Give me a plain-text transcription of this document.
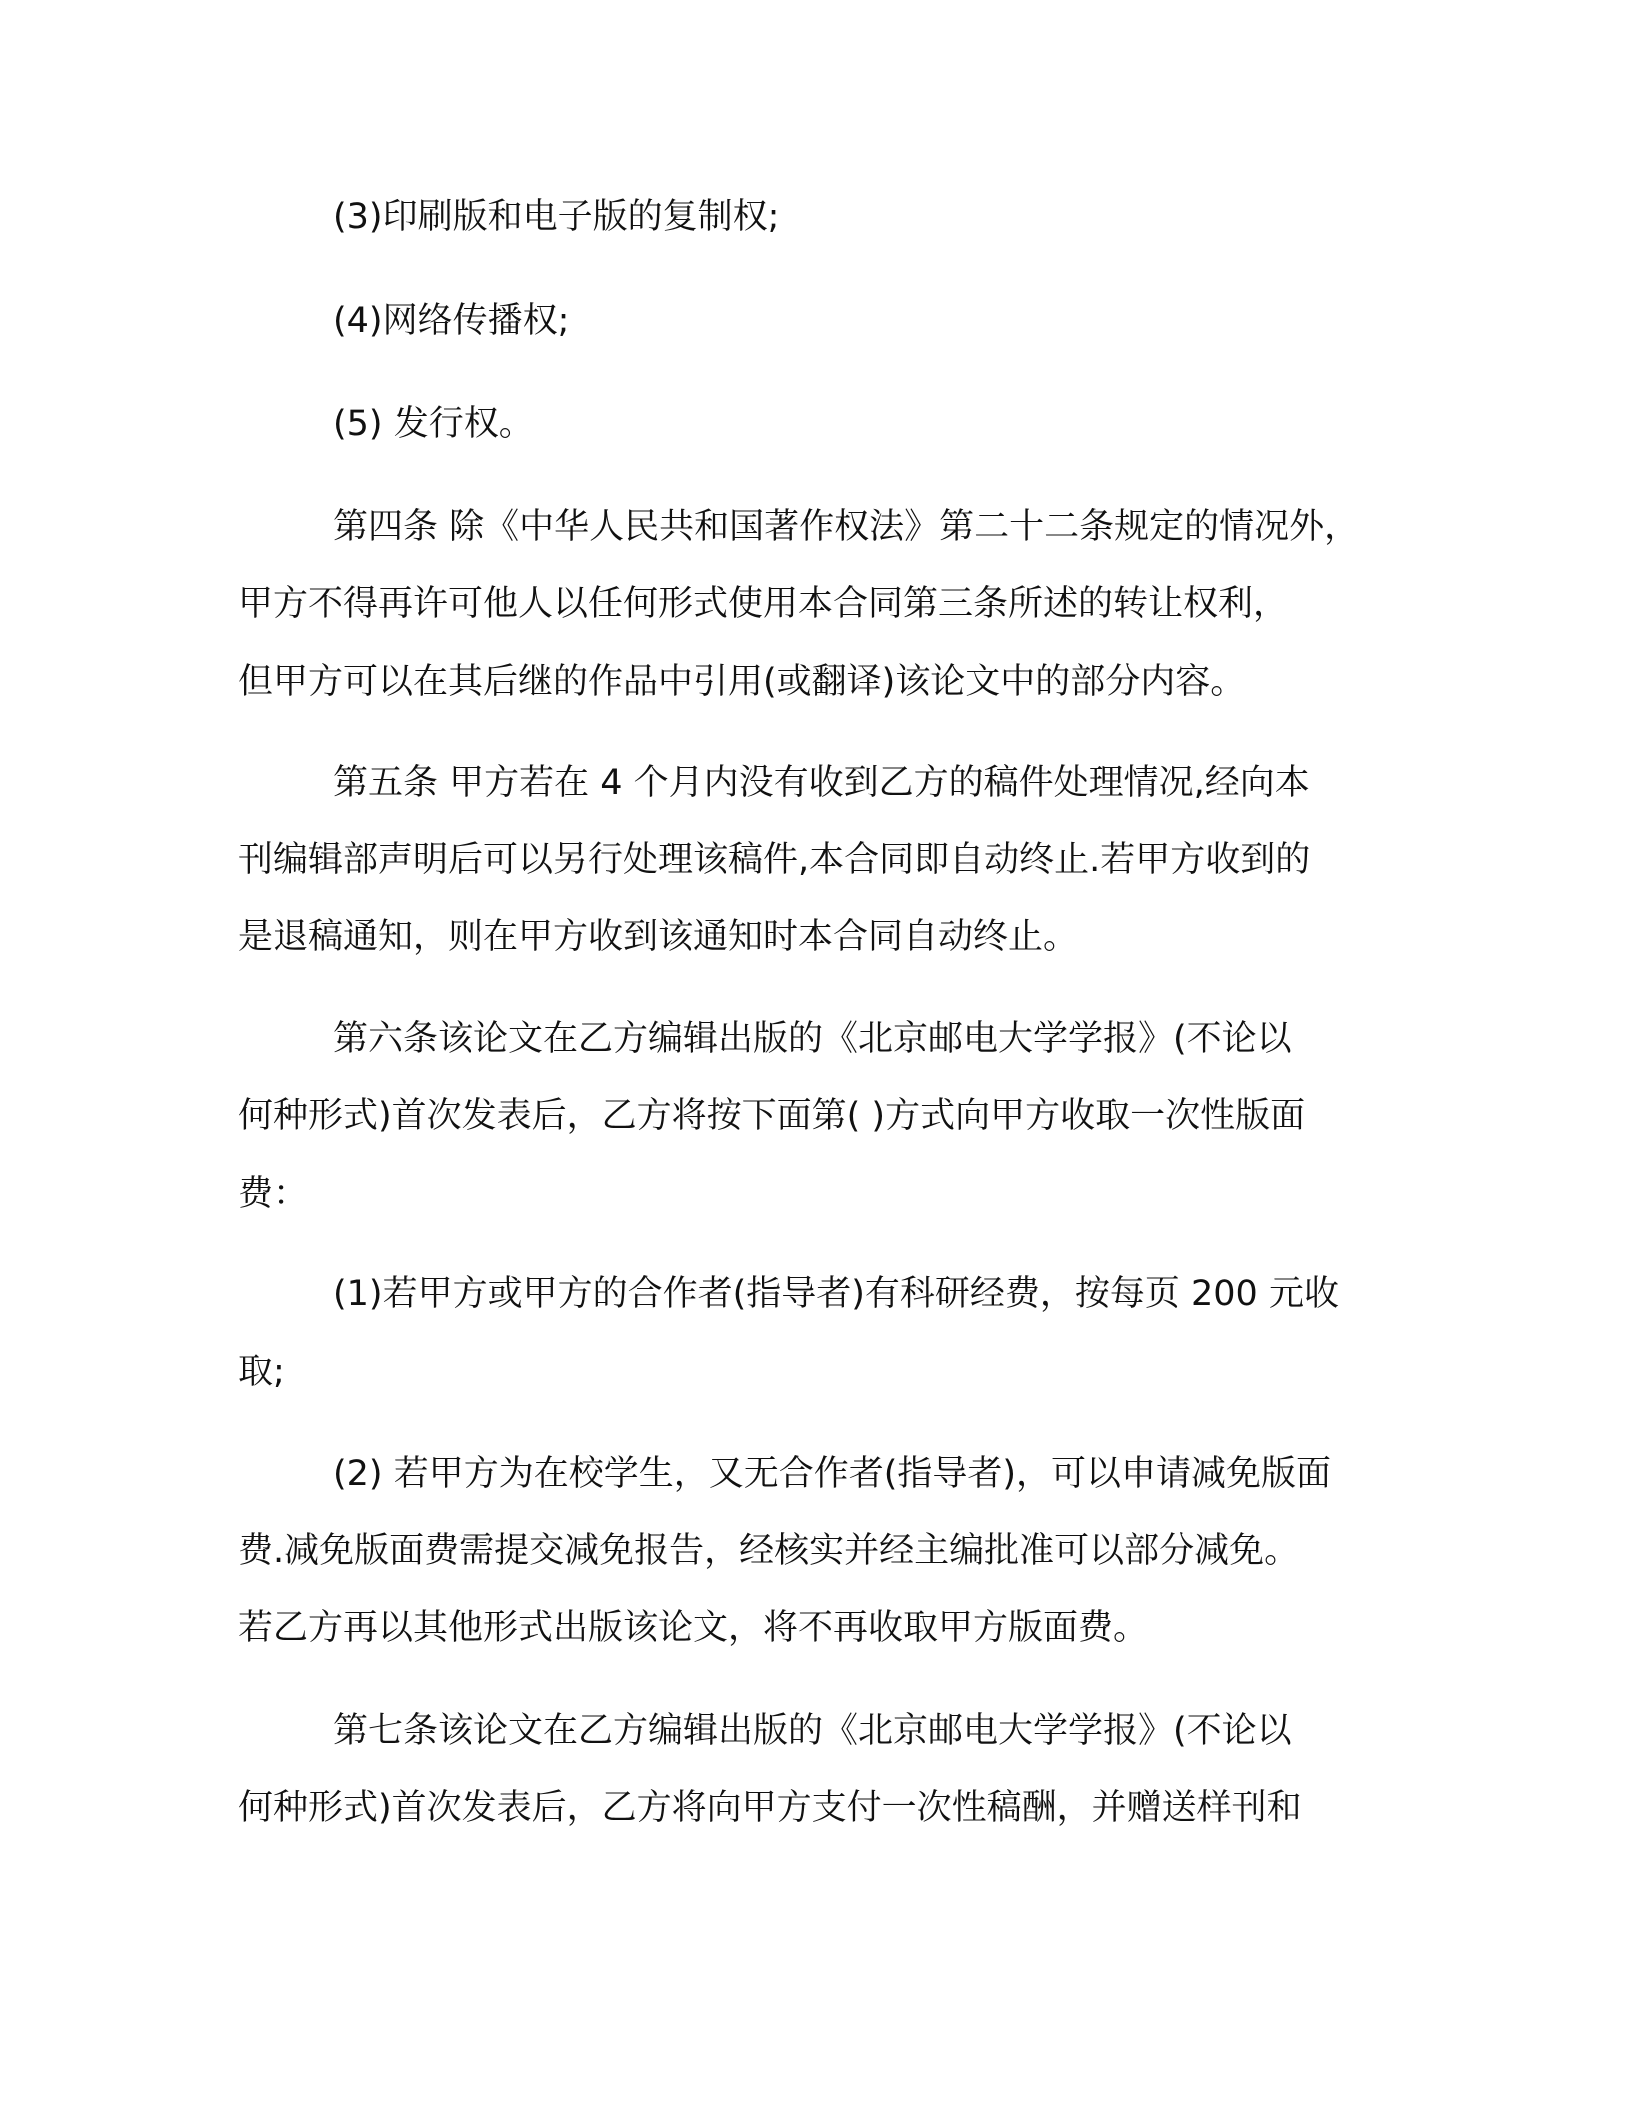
(3)印刷版和电子版的复制权;
(4)网络传播权;
(5) 发行权。
第四条 除《中华人民共和国著作权法》第二十二条规定的情况外，
甲方不得再许可他人以任何形式使用本合同第三条所述的转让权利，
但甲方可以在其后继的作品中引用(或翻译)该论文中的部分内容。
第五条 甲方若在 4 个月内没有收到乙方的稿件处理情况,经向本
刊编辑部声明后可以另行处理该稿件,本合同即自动终止.若甲方收到的
是退稿通知，则在甲方收到该通知时本合同自动终止。
第六条该论文在乙方编辑出版的《北京邮电大学学报》(不论以
何种形式)首次发表后，乙方将按下面第( )方式向甲方收取一次性版面
费：
(1)若甲方或甲方的合作者(指导者)有科研经费，按每页 200 元收
取;
(2) 若甲方为在校学生，又无合作者(指导者)，可以申请减免版面
费.减免版面费需提交减免报告，经核实并经主编批准可以部分减免。
若乙方再以其他形式出版该论文，将不再收取甲方版面费。
第七条该论文在乙方编辑出版的《北京邮电大学学报》(不论以
何种形式)首次发表后，乙方将向甲方支付一次性稿酬，并赠送样刊和
